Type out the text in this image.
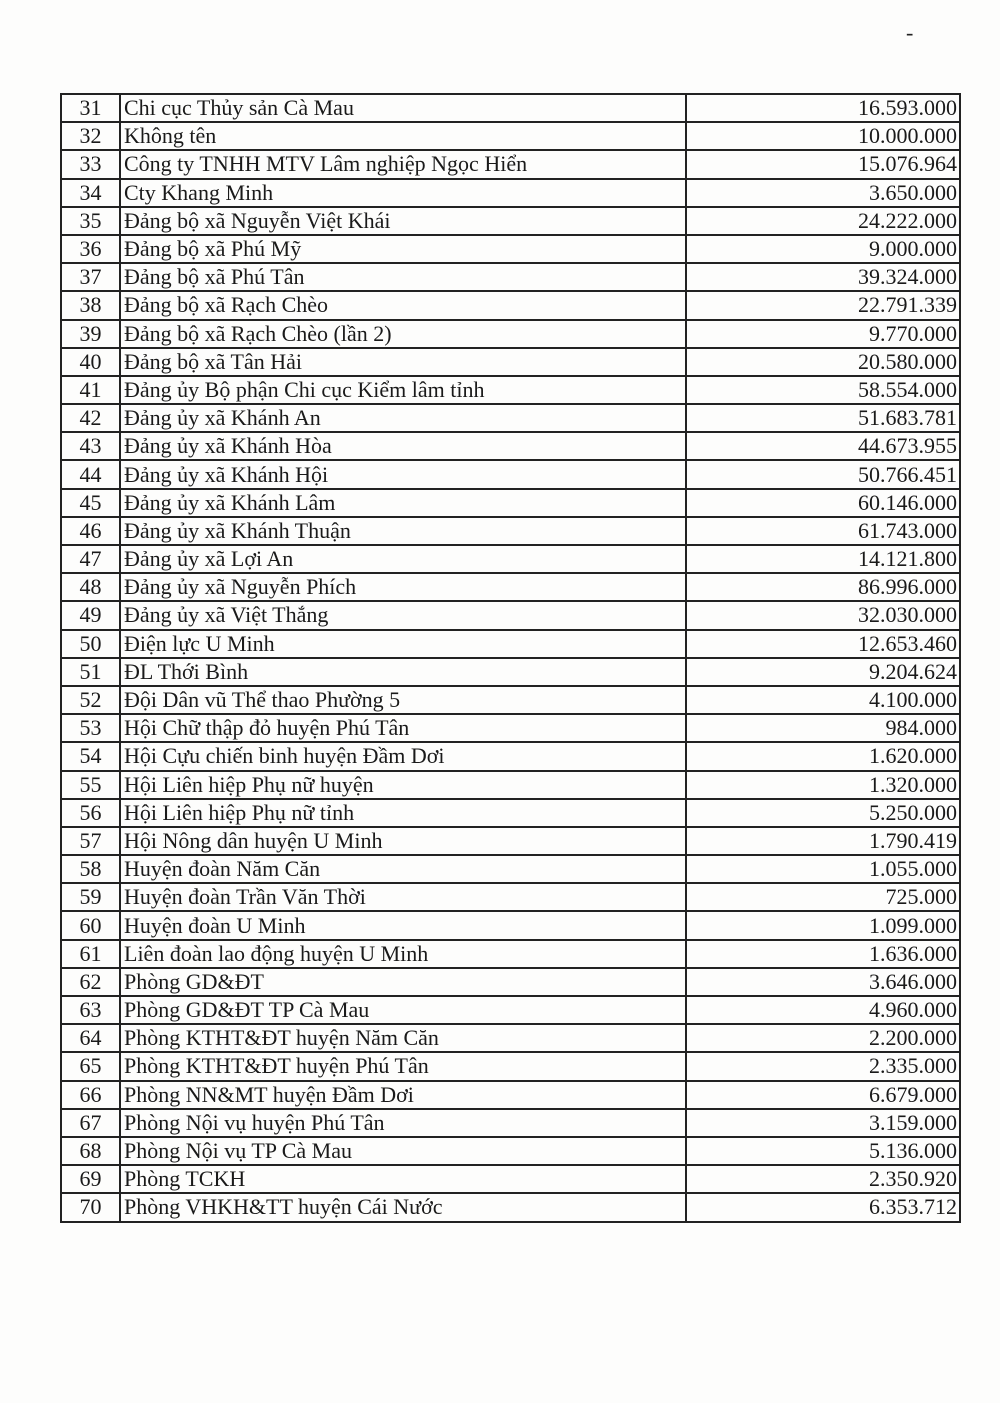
-
31	Chi cục Thủy sản Cà Mau	16.593.000
32	Không tên	10.000.000
33	Công ty TNHH MTV Lâm nghiệp Ngọc Hiển	15.076.964
34	Cty Khang Minh	3.650.000
35	Đảng bộ xã Nguyễn Việt Khái	24.222.000
36	Đảng bộ xã Phú Mỹ	9.000.000
37	Đảng bộ xã Phú Tân	39.324.000
38	Đảng bộ xã Rạch Chèo	22.791.339
39	Đảng bộ xã Rạch Chèo (lần 2)	9.770.000
40	Đảng bộ xã Tân Hải	20.580.000
41	Đảng ủy Bộ phận Chi cục Kiểm lâm tỉnh	58.554.000
42	Đảng ủy xã Khánh An	51.683.781
43	Đảng ủy xã Khánh Hòa	44.673.955
44	Đảng ủy xã Khánh Hội	50.766.451
45	Đảng ủy xã Khánh Lâm	60.146.000
46	Đảng ủy xã Khánh Thuận	61.743.000
47	Đảng ủy xã Lợi An	14.121.800
48	Đảng ủy xã Nguyễn Phích	86.996.000
49	Đảng ủy xã Việt Thắng	32.030.000
50	Điện lực U Minh	12.653.460
51	ĐL Thới Bình	9.204.624
52	Đội Dân vũ Thể thao Phường 5	4.100.000
53	Hội Chữ thập đỏ huyện Phú Tân	984.000
54	Hội Cựu chiến binh huyện Đầm Dơi	1.620.000
55	Hội Liên hiệp Phụ nữ huyện	1.320.000
56	Hội Liên hiệp Phụ nữ tỉnh	5.250.000
57	Hội Nông dân huyện U Minh	1.790.419
58	Huyện đoàn Năm Căn	1.055.000
59	Huyện đoàn Trần Văn Thời	725.000
60	Huyện đoàn U Minh	1.099.000
61	Liên đoàn lao động huyện U Minh	1.636.000
62	Phòng GD&ĐT	3.646.000
63	Phòng GD&ĐT TP Cà Mau	4.960.000
64	Phòng KTHT&ĐT huyện Năm Căn	2.200.000
65	Phòng KTHT&ĐT huyện Phú Tân	2.335.000
66	Phòng NN&MT huyện Đầm Dơi	6.679.000
67	Phòng Nội vụ huyện Phú Tân	3.159.000
68	Phòng Nội vụ TP Cà Mau	5.136.000
69	Phòng TCKH	2.350.920
70	Phòng VHKH&TT huyện Cái Nước	6.353.712
